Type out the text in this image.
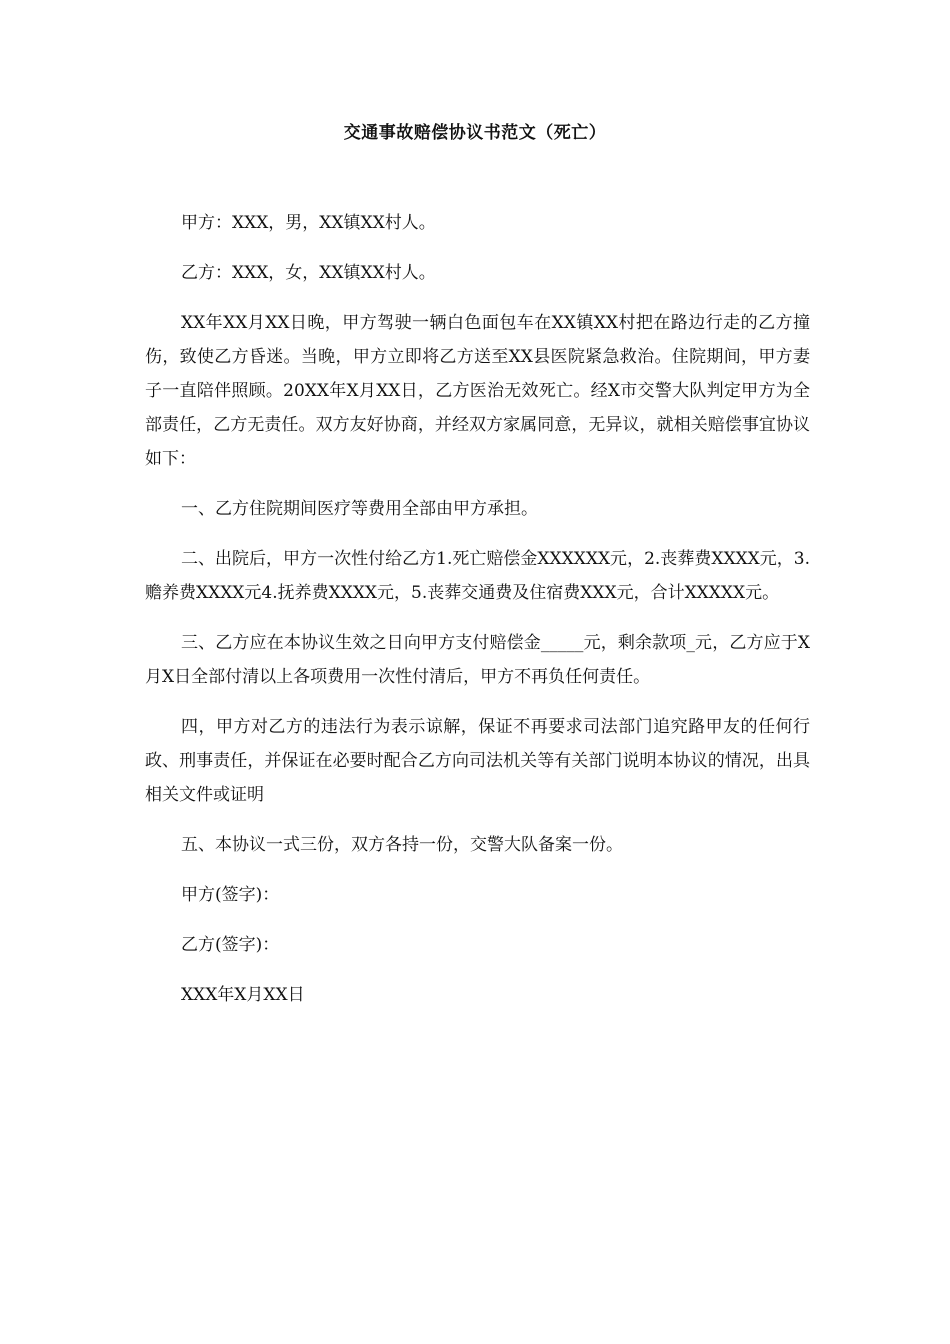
交通事故赔偿协议书范文（死亡）

甲方：XXX，男，XX镇XX村人。

乙方：XXX，女，XX镇XX村人。

XX年XX月XX日晚，甲方驾驶一辆白色面包车在XX镇XX村把在路边行走的乙方撞伤，致使乙方昏迷。当晚，甲方立即将乙方送至XX县医院紧急救治。住院期间，甲方妻子一直陪伴照顾。20XX年X月XX日，乙方医治无效死亡。经X市交警大队判定甲方为全部责任，乙方无责任。双方友好协商，并经双方家属同意，无异议，就相关赔偿事宜协议如下：

一、乙方住院期间医疗等费用全部由甲方承担。

二、出院后，甲方一次性付给乙方1.死亡赔偿金XXXXXX元，2.丧葬费XXXX元，3.赡养费XXXX元4.抚养费XXXX元，5.丧葬交通费及住宿费XXX元，合计XXXXX元。

三、乙方应在本协议生效之日向甲方支付赔偿金_____元，剩余款项_元，乙方应于X月X日全部付清以上各项费用一次性付清后，甲方不再负任何责任。

四，甲方对乙方的违法行为表示谅解，保证不再要求司法部门追究路甲友的任何行政、刑事责任，并保证在必要时配合乙方向司法机关等有关部门说明本协议的情况，出具相关文件或证明

五、本协议一式三份，双方各持一份，交警大队备案一份。

甲方(签字)：

乙方(签字)：

XXX年X月XX日
